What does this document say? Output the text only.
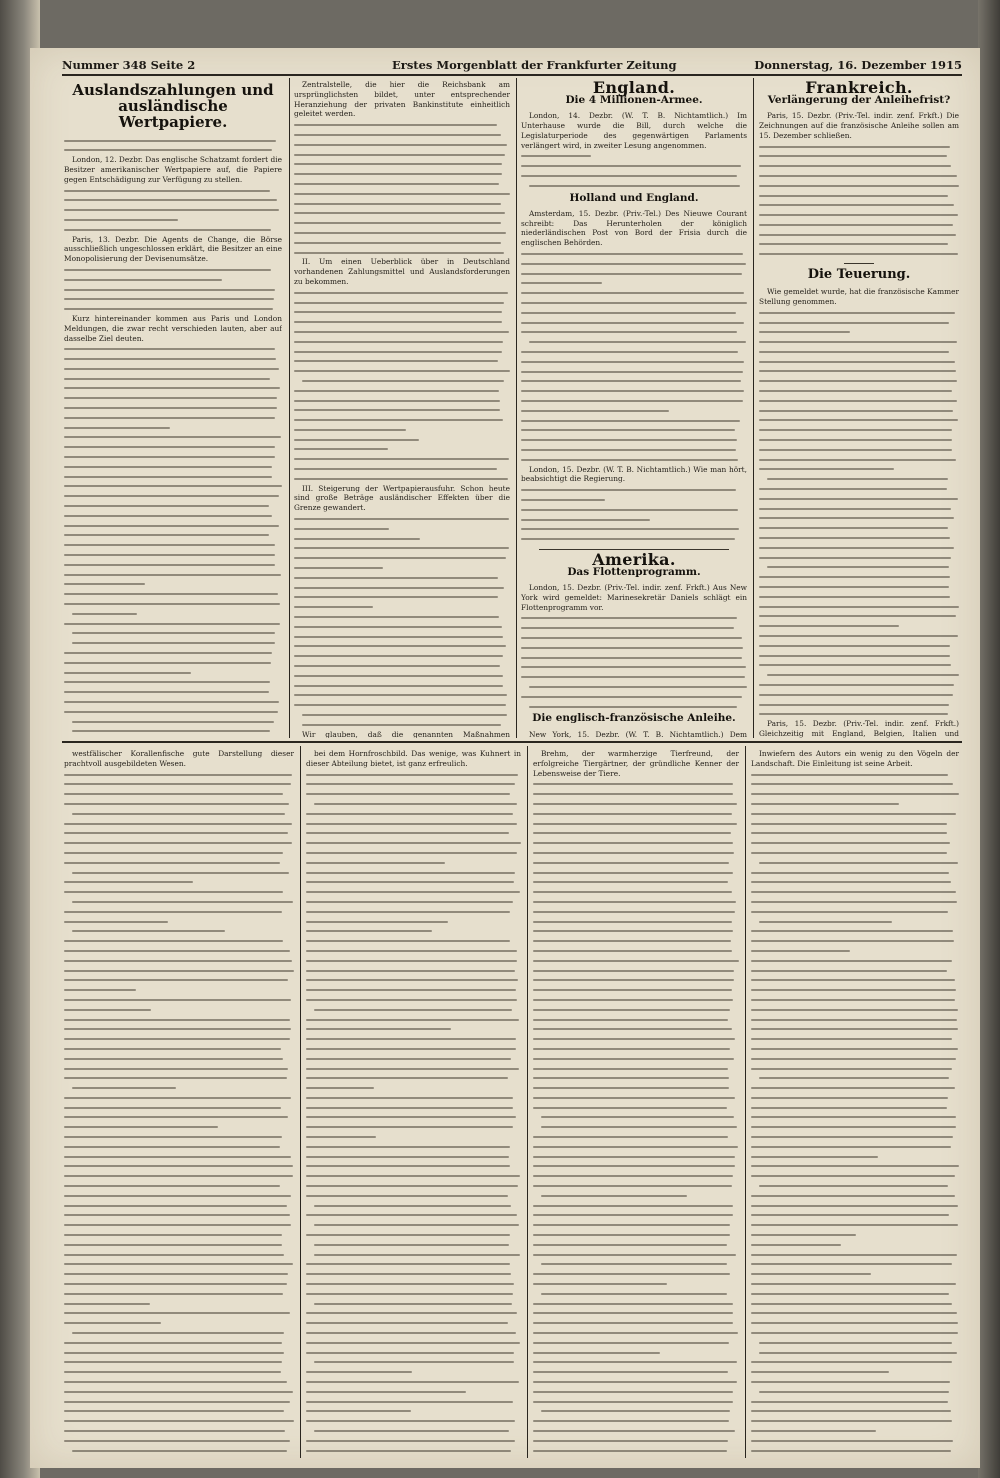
Nummer 348 Seite 2	Erstes Morgenblatt der Frankfurter Zeitung	Donnerstag, 16. Dezember 1915
Auslandszahlungen und ausländische Wertpapiere.

London, 12. Dezbr. Das englische Schatzamt fordert die Besitzer amerikanischer Wertpapiere auf, die Papiere gegen Entschädigung zur Verfügung zu stellen.

Paris, 13. Dezbr. Die Agents de Change, die Börse ausschließlich ungeschlossen erklärt, die Besitzer an eine Monopolisierung der Devisenumsätze.

Kurz hintereinander kommen aus Paris und London Meldungen, die zwar recht verschieden lauten, aber auf dasselbe Ziel deuten.

Zentralstelle, die hier die Reichsbank am ursprünglichsten bildet, unter entsprechender Heranziehung der privaten Bankinstitute einheitlich geleitet werden.

II. Um einen Ueberblick über in Deutschland vorhandenen Zahlungsmittel und Auslandsforderungen zu bekommen.

III. Steigerung der Wertpapierausfuhr. Schon heute sind große Beträge ausländischer Effekten über die Grenze gewandert.

Wir glauben, daß die genannten Maßnahmen

England.
Die 4 Millionen-Armee.

London, 14. Dezbr. (W. T. B. Nichtamtlich.) Im Unterhause wurde die Bill, durch welche die Legislaturperiode des gegenwärtigen Parlaments verlängert wird, in zweiter Lesung angenommen.

Holland und England.

Amsterdam, 15. Dezbr. (Priv.-Tel.) Des Nieuwe Courant schreibt: Das Herunterholen der königlich niederländischen Post von Bord der Frisia durch die englischen Behörden.

London, 15. Dezbr. (W. T. B. Nichtamtlich.) Wie man hört, beabsichtigt die Regierung.

Amerika.
Das Flottenprogramm.

London, 15. Dezbr. (Priv.-Tel. indir. zenf. Frkft.) Aus New York wird gemeldet: Marinesekretär Daniels schlägt ein Flottenprogramm vor.

Die englisch-französische Anleihe.

New York, 15. Dezbr. (W. T. B. Nichtamtlich.) Dem

Frankreich.
Verlängerung der Anleihefrist?

Paris, 15. Dezbr. (Priv.-Tel. indir. zenf. Frkft.) Die Zeichnungen auf die französische Anleihe sollen am 15. Dezember schließen.

Die Teuerung.

Wie gemeldet wurde, hat die französische Kammer Stellung genommen.

Paris, 15. Dezbr. (Priv.-Tel. indir. zenf. Frkft.) Gleichzeitig mit England, Belgien, Italien und

westfälischer Korallenfische gute Darstellung dieser prachtvoll ausgebildeten Wesen.

bei dem Hornfroschbild. Das wenige, was Kuhnert in dieser Abteilung bietet, ist ganz erfreulich.

Brehm, der warmherzige Tierfreund, der erfolgreiche Tiergärtner, der gründliche Kenner der Lebensweise der Tiere.

Inwiefern des Autors ein wenig zu den Vögeln der Landschaft. Die Einleitung ist seine Arbeit.
